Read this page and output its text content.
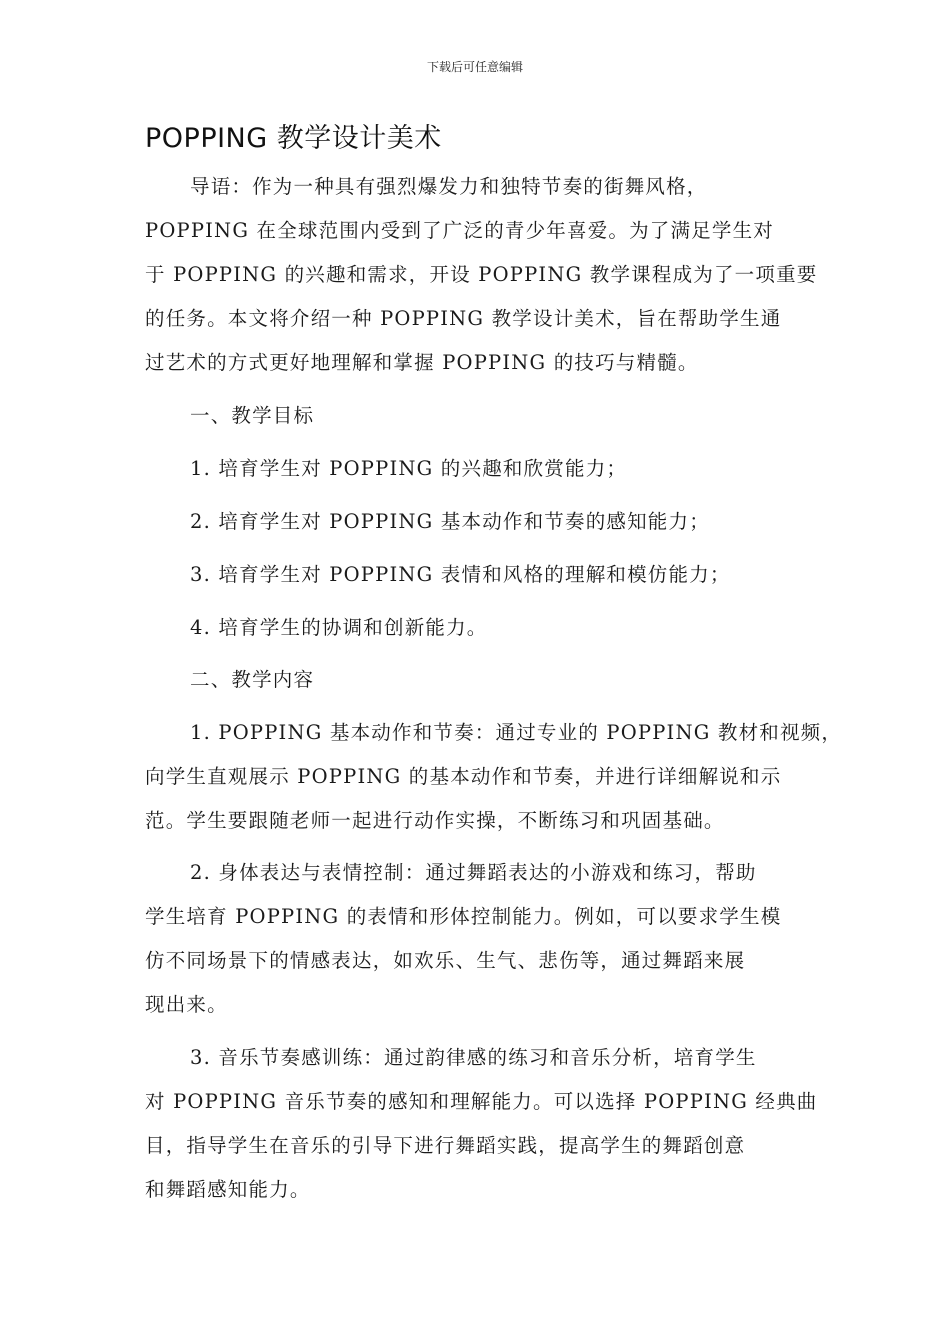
下载后可任意编辑
POPPING 教学设计美术
导语：作为一种具有强烈爆发力和独特节奏的街舞风格，
POPPING 在全球范围内受到了广泛的青少年喜爱。为了满足学生对
于 POPPING 的兴趣和需求，开设 POPPING 教学课程成为了一项重要
的任务。本文将介绍一种 POPPING 教学设计美术，旨在帮助学生通
过艺术的方式更好地理解和掌握 POPPING 的技巧与精髓。
一、教学目标
1. 培育学生对 POPPING 的兴趣和欣赏能力；
2. 培育学生对 POPPING 基本动作和节奏的感知能力；
3. 培育学生对 POPPING 表情和风格的理解和模仿能力；
4. 培育学生的协调和创新能力。
二、教学内容
1. POPPING 基本动作和节奏：通过专业的 POPPING 教材和视频，
向学生直观展示 POPPING 的基本动作和节奏，并进行详细解说和示
范。学生要跟随老师一起进行动作实操，不断练习和巩固基础。
2. 身体表达与表情控制：通过舞蹈表达的小游戏和练习，帮助
学生培育 POPPING 的表情和形体控制能力。例如，可以要求学生模
仿不同场景下的情感表达，如欢乐、生气、悲伤等，通过舞蹈来展
现出来。
3. 音乐节奏感训练：通过韵律感的练习和音乐分析，培育学生
对 POPPING 音乐节奏的感知和理解能力。可以选择 POPPING 经典曲
目，指导学生在音乐的引导下进行舞蹈实践，提高学生的舞蹈创意
和舞蹈感知能力。
